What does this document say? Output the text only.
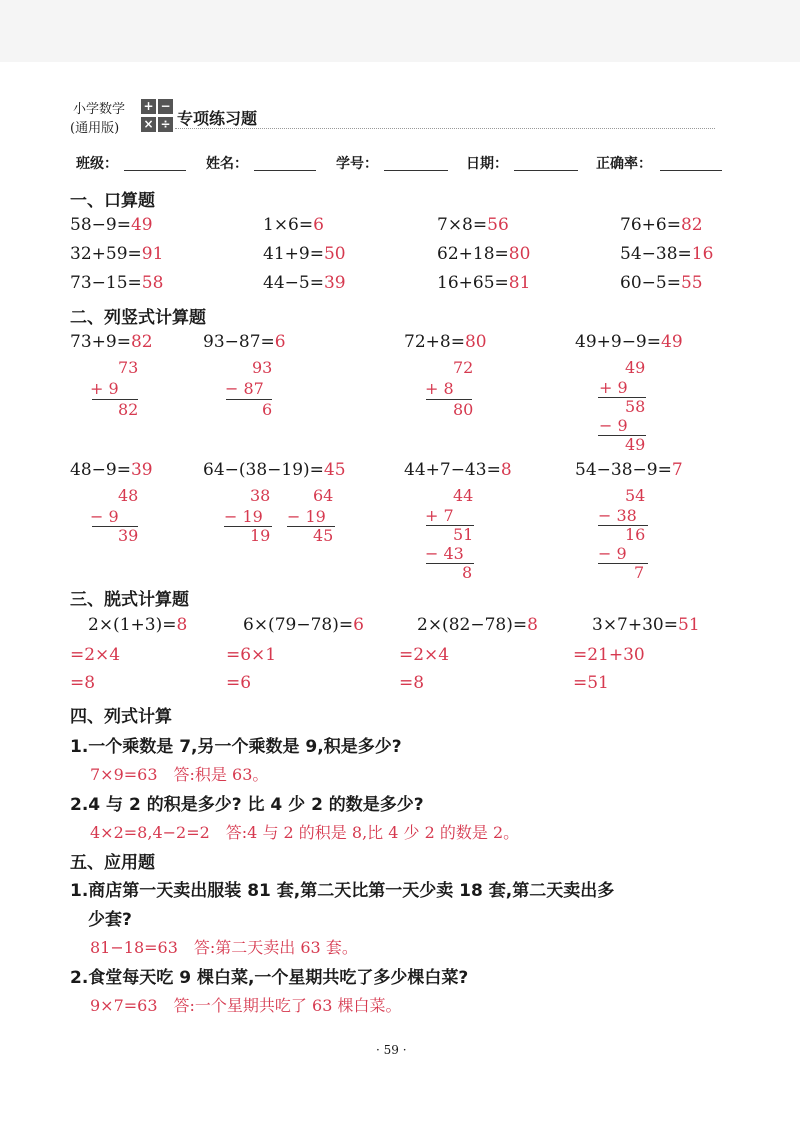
小学数学
(通用版)
+ −
× ÷ 专项练习题
班级：	姓名：	学号：	日期：	正确率：
一、口算题
58−9=49	1×6=6	7×8=56	76+6=82
32+59=91	41+9=50	62+18=80	54−38=16
73−15=58	44−5=39	16+65=81	60−5=55
二、列竖式计算题
73+9=82
73
+ 9
82
93−87=6
93
− 87
6
72+8=80
72
+ 8
80
49+9−9=49
49
+ 9
58
− 9
49
48−9=39
48
− 9
39
64−(38−19)=45
38
− 19
19
64
− 19
45
44+7−43=8
44
+ 7
51
− 43
8
54−38−9=7
54
− 38
16
− 9
7
三、脱式计算题
2×(1+3)=8
=2×4
=8
6×(79−78)=6
=6×1
=6
2×(82−78)=8
=2×4
=8
3×7+30=51
=21+30
=51
四、列式计算
1.一个乘数是 7,另一个乘数是 9,积是多少?
7×9=63　答:积是 63。
2.4 与 2 的积是多少? 比 4 少 2 的数是多少?
4×2=8,4−2=2　答:4 与 2 的积是 8,比 4 少 2 的数是 2。
五、应用题
1.商店第一天卖出服装 81 套,第二天比第一天少卖 18 套,第二天卖出多
少套?
81−18=63　答:第二天卖出 63 套。
2.食堂每天吃 9 棵白菜,一个星期共吃了多少棵白菜?
9×7=63　答:一个星期共吃了 63 棵白菜。
· 59 ·
